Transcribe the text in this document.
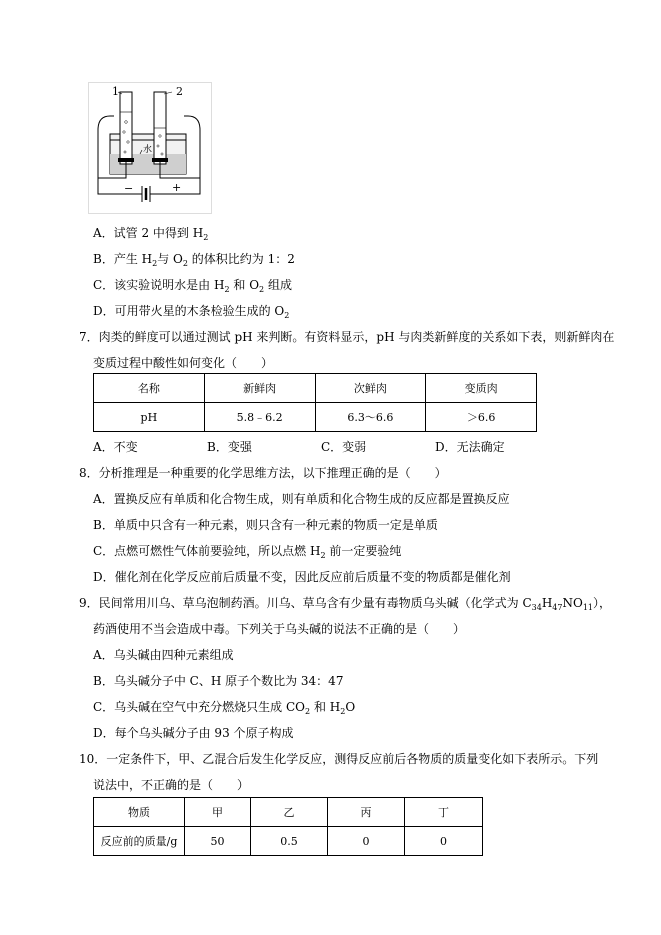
1	2
水
−	+
A．试管 2 中得到 $H_2$
B．产生 $H_2$与 $O_2$ 的体积比约为 1：2
C．该实验说明水是由 $H_2$ 和 $O_2$ 组成
D．可用带火星的木条检验生成的 $O_2$
7．肉类的鲜度可以通过测试 pH 来判断。有资料显示，pH 与肉类新鲜度的关系如下表，则新鲜肉在
变质过程中酸性如何变化（　　）
名称	新鲜肉	次鲜肉	变质肉
pH	5.8﹣6.2	6.3～6.6	＞6.6
A．不变	B．变强	C．变弱	D．无法确定
8．分析推理是一种重要的化学思维方法，以下推理正确的是（　　）
A．置换反应有单质和化合物生成，则有单质和化合物生成的反应都是置换反应
B．单质中只含有一种元素，则只含有一种元素的物质一定是单质
C．点燃可燃性气体前要验纯，所以点燃 $H_2$ 前一定要验纯
D．催化剂在化学反应前后质量不变，因此反应前后质量不变的物质都是催化剂
9．民间常用川乌、草乌泡制药酒。川乌、草乌含有少量有毒物质乌头碱（化学式为 $C_{34}H_{47}NO_{11}$），
药酒使用不当会造成中毒。下列关于乌头碱的说法不正确的是（　　）
A．乌头碱由四种元素组成
B．乌头碱分子中 C、H 原子个数比为 34：47
C．乌头碱在空气中充分燃烧只生成 $CO_2$ 和 $H_2O$
D．每个乌头碱分子由 93 个原子构成
10．一定条件下，甲、乙混合后发生化学反应，测得反应前后各物质的质量变化如下表所示。下列
说法中，不正确的是（　　）
物质	甲	乙	丙	丁
反应前的质量/g	50	0.5	0	0
